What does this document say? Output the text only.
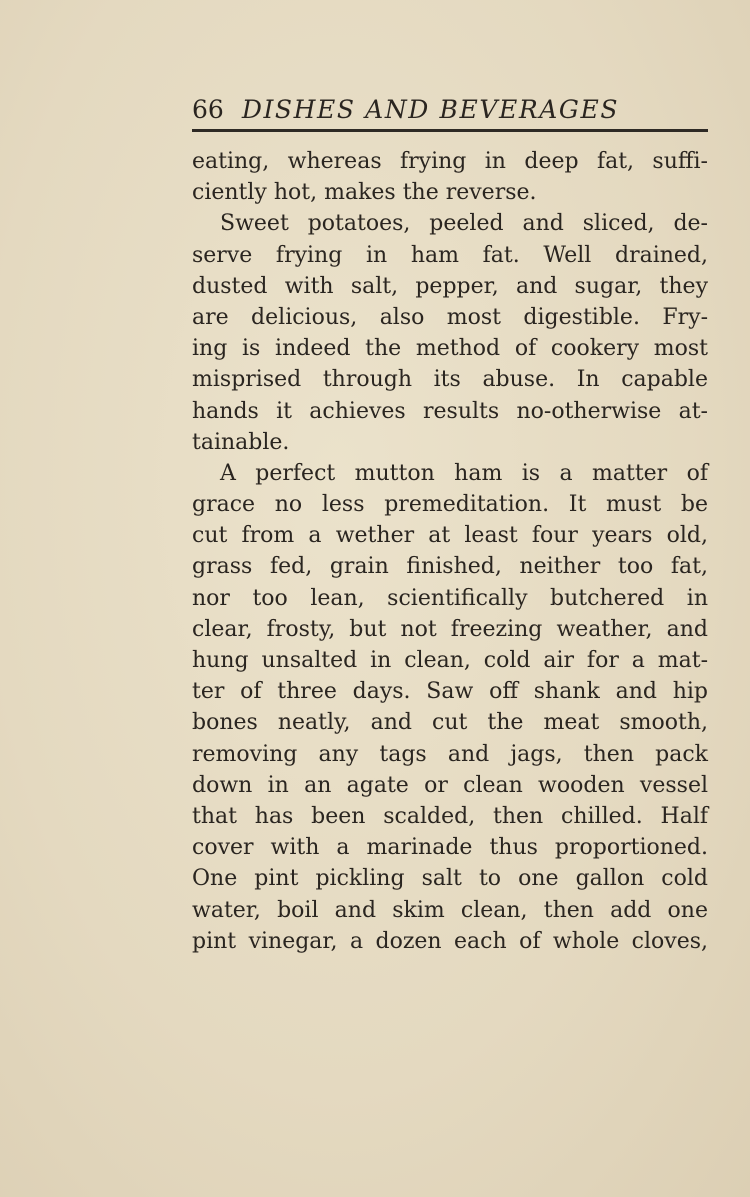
66 DISHES AND BEVERAGES
eating, whereas frying in deep fat, suffi-
ciently hot, makes the reverse.
Sweet potatoes, peeled and sliced, de-
serve frying in ham fat. Well drained,
dusted with salt, pepper, and sugar, they
are delicious, also most digestible. Fry-
ing is indeed the method of cookery most
misprised through its abuse. In capable
hands it achieves results no-otherwise at-
tainable.
A perfect mutton ham is a matter of
grace no less premeditation. It must be
cut from a wether at least four years old,
grass fed, grain finished, neither too fat,
nor too lean, scientifically butchered in
clear, frosty, but not freezing weather, and
hung unsalted in clean, cold air for a mat-
ter of three days. Saw off shank and hip
bones neatly, and cut the meat smooth,
removing any tags and jags, then pack
down in an agate or clean wooden vessel
that has been scalded, then chilled. Half
cover with a marinade thus proportioned.
One pint pickling salt to one gallon cold
water, boil and skim clean, then add one
pint vinegar, a dozen each of whole cloves,
